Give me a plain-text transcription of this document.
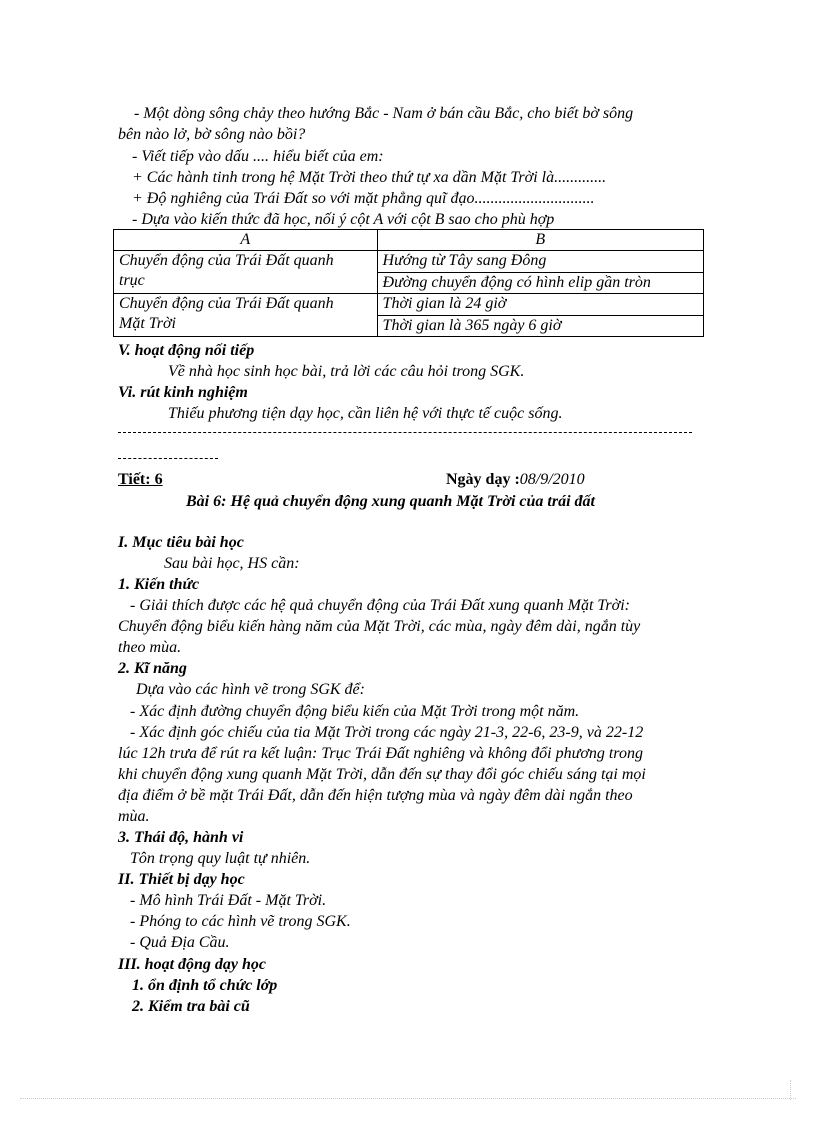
- Một dòng sông chảy theo hướng Bắc - Nam ở bán cầu Bắc, cho biết bờ sông
bên nào lở, bờ sông nào bồi?
- Viết tiếp vào dấu .... hiểu biết của em:
+ Các hành tinh trong hệ Mặt Trời theo thứ tự xa dần Mặt Trời là.............
+ Độ nghiêng của Trái Đất so với mặt phẳng quĩ đạo..............................
- Dựa vào kiến thức đã học, nối ý cột A với cột B sao cho phù hợp
A	B

Chuyển động của Trái Đất quanh
trục	Hướng từ Tây sang Đông
	Đường chuyển động có hình elip gần tròn

Chuyển động của Trái Đất quanh
Mặt Trời	Thời gian là 24 giờ
	Thời gian là 365 ngày 6 giờ
V. hoạt động nối tiếp
Về nhà học sinh học bài, trả lời các câu hỏi trong SGK.
Vi. rút kinh nghiệm
Thiếu phương tiện dạy học, cần liên hệ với thực tế cuộc sống.
Tiết: 6	Ngày dạy :08/9/2010
Bài 6: Hệ quả chuyển động xung quanh Mặt Trời của trái đất
I. Mục tiêu bài học
Sau bài học, HS cần:
1. Kiến thức
- Giải thích được các hệ quả chuyển động của Trái Đất xung quanh Mặt Trời:
Chuyển động biểu kiến hàng năm của Mặt Trời, các mùa, ngày đêm dài, ngắn tùy
theo mùa.
2. Kĩ năng
Dựa vào các hình vẽ trong SGK để:
- Xác định đường chuyển động biểu kiến của Mặt Trời trong một năm.
- Xác định góc chiếu của tia Mặt Trời trong các ngày 21-3, 22-6, 23-9, và 22-12
lúc 12h trưa để rút ra kết luận: Trục Trái Đất nghiêng và không đổi phương trong
khi chuyển động xung quanh Mặt Trời, dẫn đến sự thay đổi góc chiếu sáng tại mọi
địa điểm ở bề mặt Trái Đất, dẫn đến hiện tượng mùa và ngày đêm dài ngắn theo
mùa.
3. Thái độ, hành vi
Tôn trọng quy luật tự nhiên.
II. Thiết bị dạy học
- Mô hình Trái Đất - Mặt Trời.
- Phóng to các hình vẽ trong SGK.
- Quả Địa Cầu.
III. hoạt động dạy học
1. ổn định tổ chức lớp
2. Kiểm tra bài cũ
